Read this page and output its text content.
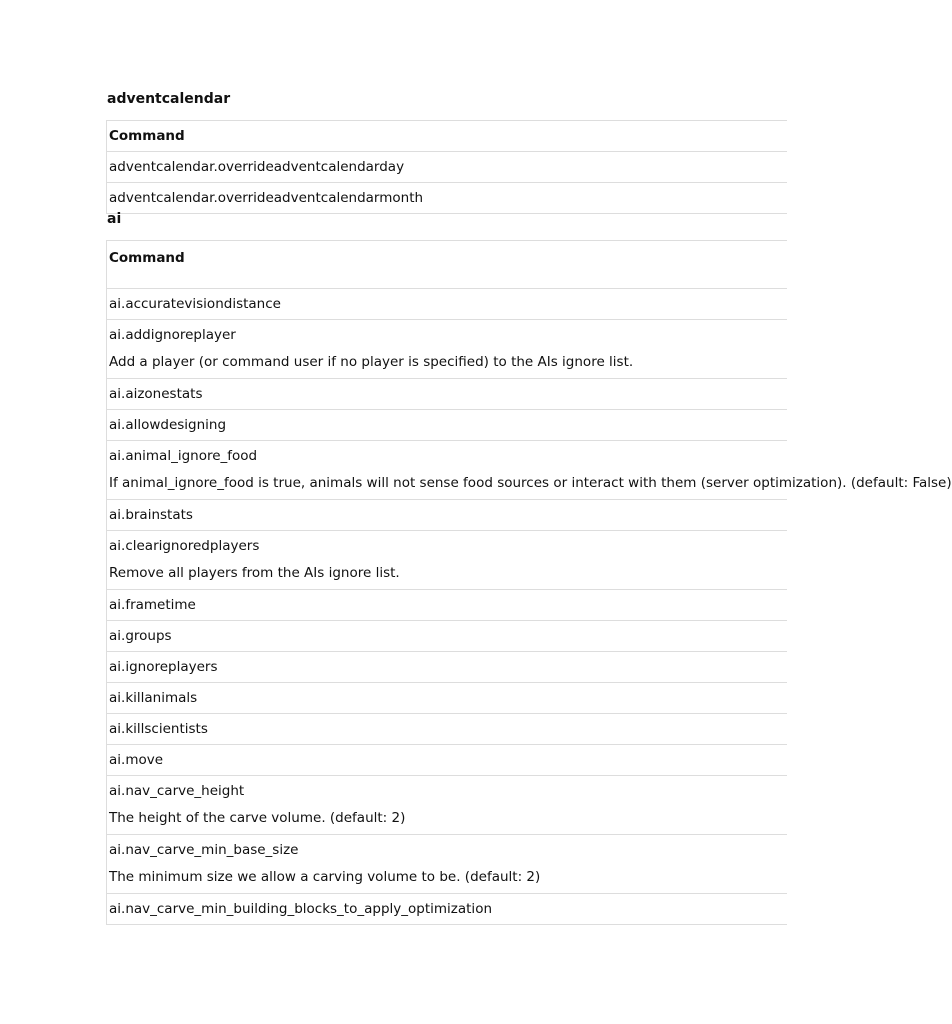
adventcalendar
Command
adventcalendar.overrideadventcalendarday
adventcalendar.overrideadventcalendarmonth
ai
Command
ai.accuratevisiondistance
ai.addignoreplayer
Add a player (or command user if no player is specified) to the AIs ignore list.
ai.aizonestats
ai.allowdesigning
ai.animal_ignore_food
If animal_ignore_food is true, animals will not sense food sources or interact with them (server optimization). (default: False)
ai.brainstats
ai.clearignoredplayers
Remove all players from the AIs ignore list.
ai.frametime
ai.groups
ai.ignoreplayers
ai.killanimals
ai.killscientists
ai.move
ai.nav_carve_height
The height of the carve volume. (default: 2)
ai.nav_carve_min_base_size
The minimum size we allow a carving volume to be. (default: 2)
ai.nav_carve_min_building_blocks_to_apply_optimization
